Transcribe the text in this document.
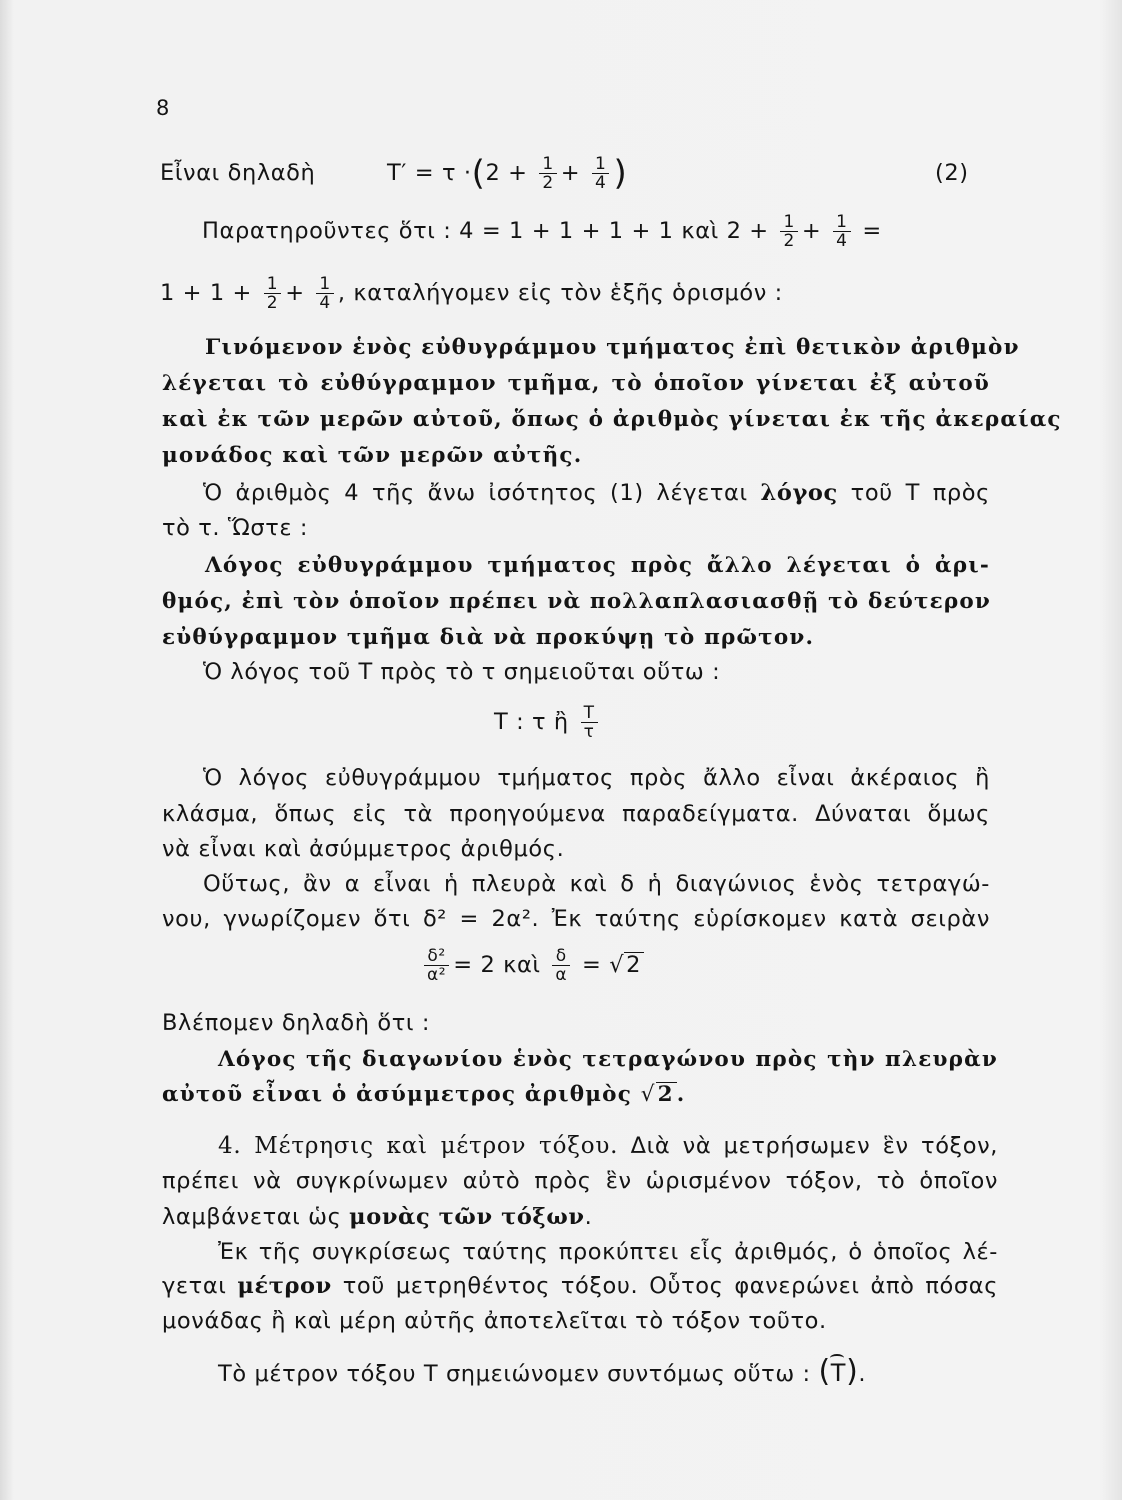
8
Εἶναι δηλαδὴ	$T' = \tau \cdot(2 + \frac{1}{2} + \frac{1}{4}$ )	(2)
Παρατηροῦντες ὅτι : 4 = 1 + 1 + 1 + 1 καὶ $2 + \frac{1}{2} + \frac{1}{4}$ =
$1 + 1 + \frac{1}{2} + \frac{1}{4}$ , καταλήγομεν εἰς τὸν ἑξῆς ὁρισμόν :
Γινόμενον ἑνὸς εὐθυγράμμου τμήματος ἐπὶ θετικὸν ἀριθμὸν
λέγεται τὸ εὐθύγραμμον τμῆμα, τὸ ὁποῖον γίνεται ἐξ αὐτοῦ
καὶ ἐκ τῶν μερῶν αὐτοῦ, ὅπως ὁ ἀριθμὸς γίνεται ἐκ τῆς ἀκεραίας
μονάδος καὶ τῶν μερῶν αὐτῆς.
Ὁ ἀριθμὸς 4 τῆς ἄνω ἰσότητος (1) λέγεται λόγος τοῦ T πρὸς
τὸ τ. Ὥστε :
Λόγος εὐθυγράμμου τμήματος πρὸς ἄλλο λέγεται ὁ ἀρι-
θμός, ἐπὶ τὸν ὁποῖον πρέπει νὰ πολλαπλασιασθῇ τὸ δεύτερον
εὐθύγραμμον τμῆμα διὰ νὰ προκύψῃ τὸ πρῶτον.
Ὁ λόγος τοῦ T πρὸς τὸ τ σημειοῦται οὕτω :
T : τ ἢ $\frac{T}{\tau}$
Ὁ λόγος εὐθυγράμμου τμήματος πρὸς ἄλλο εἶναι ἀκέραιος ἢ
κλάσμα, ὅπως εἰς τὰ προηγούμενα παραδείγματα. Δύναται ὅμως
νὰ εἶναι καὶ ἀσύμμετρος ἀριθμός.
Οὕτως, ἂν α εἶναι ἡ πλευρὰ καὶ δ ἡ διαγώνιος ἑνὸς τετραγώ-
νου, γνωρίζομεν ὅτι δ² = 2α². Ἐκ ταύτης εὑρίσκομεν κατὰ σειρὰν
$\frac{\text{δ²}}{\text{α²}} = 2$ καὶ $\frac{\delta}{\alpha} = √2$
Βλέπομεν δηλαδὴ ὅτι :
Λόγος τῆς διαγωνίου ἑνὸς τετραγώνου πρὸς τὴν πλευρὰν
αὐτοῦ εἶναι ὁ ἀσύμμετρος ἀριθμὸς √2 .
4. Μέτρησις καὶ μέτρον τόξου. Διὰ νὰ μετρήσωμεν ἓν τόξον,
πρέπει νὰ συγκρίνωμεν αὐτὸ πρὸς ἓν ὡρισμένον τόξον, τὸ ὁποῖον
λαμβάνεται ὡς μονὰς τῶν τόξων.
Ἐκ τῆς συγκρίσεως ταύτης προκύπτει εἷς ἀριθμός, ὁ ὁποῖος λέ-
γεται μέτρον τοῦ μετρηθέντος τόξου. Οὗτος φανερώνει ἀπὸ πόσας
μονάδας ἢ καὶ μέρη αὐτῆς ἀποτελεῖται τὸ τόξον τοῦτο.
Τὸ μέτρον τόξου T σημειώνομεν συντόμως οὕτω : (T)
.
